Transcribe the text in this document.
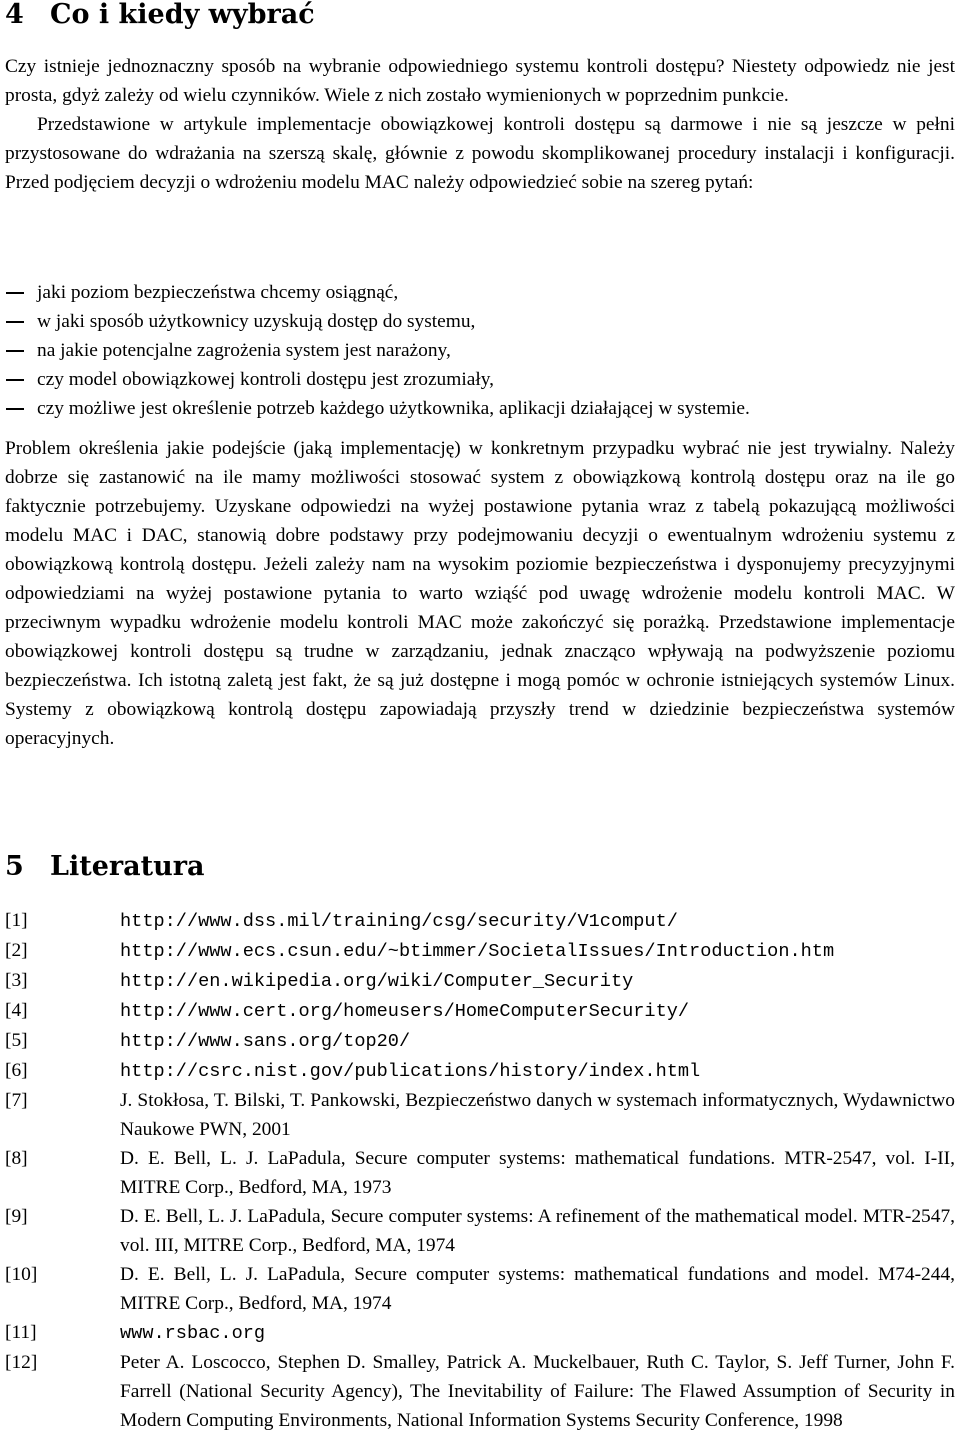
4 Co i kiedy wybrać

Czy istnieje jednoznaczny sposób na wybranie odpowiedniego systemu kontroli dostępu? Niestety odpowiedz nie jest prosta, gdyż zależy od wielu czynników. Wiele z nich zostało wymienionych w poprzednim punkcie.
Przedstawione w artykule implementacje obowiązkowej kontroli dostępu są darmowe i nie są jeszcze w pełni przystosowane do wdrażania na szerszą skalę, głównie z powodu skomplikowanej procedury instalacji i konfiguracji. Przed podjęciem decyzji o wdrożeniu modelu MAC należy odpowiedzieć sobie na szereg pytań:

jaki poziom bezpieczeństwa chcemy osiągnąć,
w jaki sposób użytkownicy uzyskują dostęp do systemu,
na jakie potencjalne zagrożenia system jest narażony,
czy model obowiązkowej kontroli dostępu jest zrozumiały,
czy możliwe jest określenie potrzeb każdego użytkownika, aplikacji działającej w systemie.

Problem określenia jakie podejście (jaką implementację) w konkretnym przypadku wybrać nie jest trywialny. Należy dobrze się zastanowić na ile mamy możliwości stosować system z obowiązkową kontrolą dostępu oraz na ile go faktycznie potrzebujemy. Uzyskane odpowiedzi na wyżej postawione pytania wraz z tabelą pokazującą możliwości modelu MAC i DAC, stanowią dobre podstawy przy podejmowaniu decyzji o ewentualnym wdrożeniu systemu z obowiązkową kontrolą dostępu. Jeżeli zależy nam na wysokim poziomie bezpieczeństwa i dysponujemy precyzyjnymi odpowiedziami na wyżej postawione pytania to warto wziąść pod uwagę wdrożenie modelu kontroli MAC. W przeciwnym wypadku wdrożenie modelu kontroli MAC może zakończyć się porażką. Przedstawione implementacje obowiązkowej kontroli dostępu są trudne w zarządzaniu, jednak znacząco wpływają na podwyższenie poziomu bezpieczeństwa. Ich istotną zaletą jest fakt, że są już dostępne i mogą pomóc w ochronie istniejących systemów Linux. Systemy z obowiązkową kontrolą dostępu zapowiadają przyszły trend w dziedzinie bezpieczeństwa systemów operacyjnych.

5 Literatura
[1]	http://www.dss.mil/training/csg/security/V1comput/
[2]	http://www.ecs.csun.edu/~btimmer/SocietalIssues/Introduction.htm
[3]	http://en.wikipedia.org/wiki/Computer_Security
[4]	http://www.cert.org/homeusers/HomeComputerSecurity/
[5]	http://www.sans.org/top20/
[6]	http://csrc.nist.gov/publications/history/index.html
[7]	J. Stokłosa, T. Bilski, T. Pankowski, Bezpieczeństwo danych w systemach informatycznych, Wydawnictwo Naukowe PWN, 2001
[8]	D. E. Bell, L. J. LaPadula, Secure computer systems: mathematical fundations. MTR-2547, vol. I-II, MITRE Corp., Bedford, MA, 1973
[9]	D. E. Bell, L. J. LaPadula, Secure computer systems: A refinement of the mathematical model. MTR-2547, vol. III, MITRE Corp., Bedford, MA, 1974
[10]	D. E. Bell, L. J. LaPadula, Secure computer systems: mathematical fundations and model. M74-244, MITRE Corp., Bedford, MA, 1974
[11]	www.rsbac.org
[12]	Peter A. Loscocco, Stephen D. Smalley, Patrick A. Muckelbauer, Ruth C. Taylor, S. Jeff Turner, John F. Farrell (National Security Agency), The Inevitability of Failure: The Flawed Assumption of Security in Modern Computing Environments, National Information Systems Security Conference, 1998
